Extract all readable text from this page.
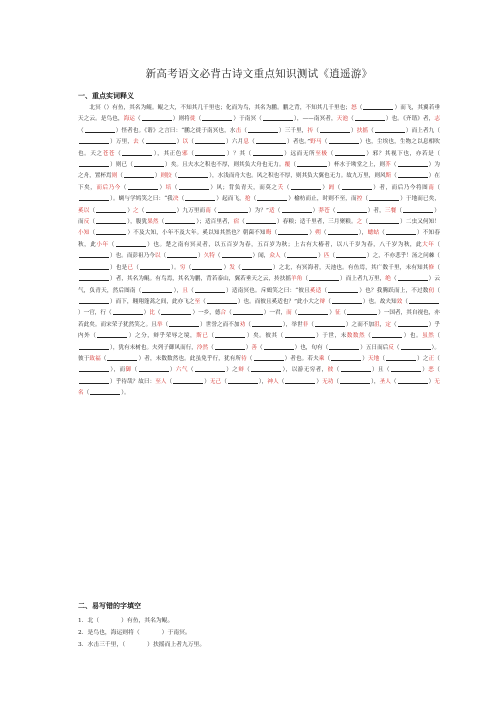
新高考语文必背古诗文重点知识测试《逍遥游》
一、重点实词释义
　　北冥（）有鱼，其名为鲲。鲲之大，不知其几千里也；化而为鸟，其名为鹏。鹏之背，不知其几千里也；怒（	）而飞，其翼若垂天之云。是鸟也，海运（	）则将徙（	）于南冥（	），——南冥者，天池（	）也。《齐谐》者，志（	）怪者也。《谐》之言曰：“鹏之徙于南冥也，水击（	）三千里，抟（	）扶摇（	）而上者九（）万里，去（	）以（	）六月息（	）者也。”野马（	）也，尘埃也，生物之以息相吹也。天之苍苍（	），其正色邪（	）？其（	）远而无所至极（	）邪？其视下也，亦若是（）则已（	）矣。且夫水之积也不厚，则其负大舟也无力。覆（	）杯水于坳堂之上，则芥（	）为之舟，置杯焉则（	）则胶（	），水浅而舟大也。风之积也不厚，则其负大翼也无力。故九万里，则风斯（	）在下矣，而后乃今（	）培（	）风；背负青天，而莫之夭（	）阏（	）者，而后乃今将图南（）。蜩与学鸠笑之曰：“我决（	）起而飞，抢（	）榆枋而止，时则不至，而控（	）于地而已矣，奚以（	）之（	）九万里而南（	）为？”适（	）莽苍（	）者，三餐（	）而反（	），腹犹果然（	）；适百里者，宿（	）舂粮；适千里者，三月聚粮。之（	）二虫又何知！小知（	）不及大知，小年不及大年。奚以知其然也？朝菌不知晦（	）朔（	），蟪蛄（	）不知春秋，此小年（	）也。楚之南有冥灵者，以五百岁为春，五百岁为秋；上古有大椿者，以八千岁为春，八千岁为秋，此大年（）也。而彭祖乃今以（	）久特（	）闻，众人（	）匹（	）之，不亦悲乎！汤之问棘（）也是已（	）。穷（	）发（	）之北，有冥海者，天池也。有鱼焉，其广数千里，未有知其修（）者，其名为鲲。有鸟焉，其名为鹏，背若泰山，翼若垂天之云，抟扶摇羊角（	）而上者九万里，绝（	）云气，负青天，然后图南（	），且（	）适南冥也。斥鴳笑之曰：“彼且奚适（	）也？我腾跃而上，不过数仞（）而下，翱翔蓬蒿之间，此亦飞之至（	）也。而彼且奚适也？”此小大之辩（	）也。故夫知效（）一官，行（	）比（	）一乡，德合（	）一君，而（	）征（	）一国者，其自视也，亦若此矣。而宋荣子犹然笑之。且举（	）世誉之而不加劝（	），举世非（	）之而不加沮，定（	）乎内外（	）之分，辩乎荣辱之境，斯已（	）矣。彼其（	）于世，未数数然（	）也。虽然（），犹有未树也。夫列子御风而行，泠然（	）善（	）也，旬有（	）五日而后反（	）。彼于致福（	）者，未数数然也。此虽免乎行，犹有所待（	）者也。若夫乘（	）天地（	）之正（），而御（	）六气（	）之辩（	），以游无穷者，彼（	）且（	）恶（）乎待哉？故曰：至人（	）无己（	），神人（	）无功（	），圣人（	）无名（	）。
二、易写错的字填空
1．北（	）有鱼，其名为鲲。
2．是鸟也，海运则将（	）于南冥。
3．水击三千里，（	）扶摇而上者九万里。
